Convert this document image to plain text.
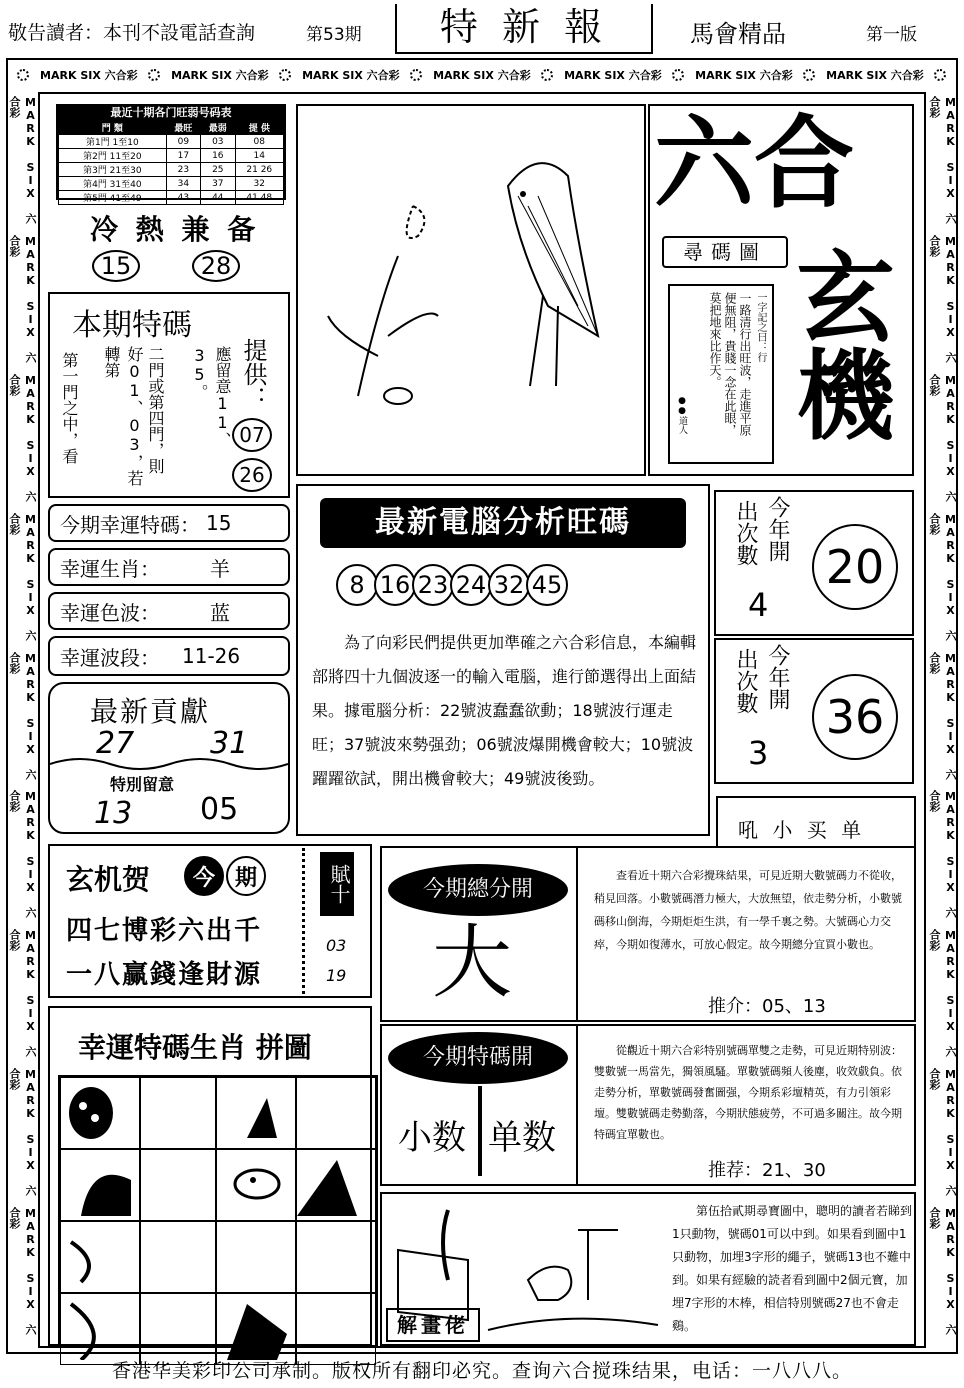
敬告讀者：本刊不設電話查詢	第53期	特 新 報	馬會精品	第一版
MARK SIX 六合彩	MARK SIX 六合彩	MARK SIX 六合彩	MARK SIX 六合彩	MARK SIX 六合彩	MARK SIX 六合彩	MARK SIX 六合彩
MARK SIX 六合彩
MARK SIX 六合彩
MARK SIX 六合彩
MARK SIX 六合彩
MARK SIX 六合彩
MARK SIX 六合彩
MARK SIX 六合彩
MARK SIX 六合彩
MARK SIX 六合彩
MARK SIX 六合彩
MARK SIX 六合彩
MARK SIX 六合彩
MARK SIX 六合彩
MARK SIX 六合彩
MARK SIX 六合彩
MARK SIX 六合彩
MARK SIX 六合彩
MARK SIX 六合彩
最近十期各门旺弱号码表
門 類	最旺	最弱	提 供
第1門 1至10	09	03	08
第2門 11至20	17	16	14
第3門 21至30	23	25	21 26
第4門 31至40	34	37	32
第5門 41至49	43	44	41 48
冷 熱 兼 备
15	28
本期特碼
第一門之中，看	好01、03，若轉第	二門或第四門，則	應留意11、35。	提供：
07
26
今期幸運特碼： 15
幸運生肖：	羊
幸運色波：	蓝
幸運波段： 11-26
最新貢獻
27	31
特別留意
13 05
玄机贺	今 期
四七博彩六出千
一八赢錢逢財源
賦十
03
19
幸運特碼生肖 拼圖
六合
玄機
尋碼圖
一字記之曰：行
一路清行出旺波，走進平原便無阻，貴賤一念在此眼，莫把地來比作天。
●●道人
最新電腦分析旺碼
8 16 23 24 32 45
為了向彩民們提供更加準確之六合彩信息，本編輯部將四十九個波逐一的輸入電腦，進行節選得出上面結果。據電腦分析：22號波蠢蠢欲動；18號波行運走旺；37號波來勢强劲；06號波爆開機會較大；10號波躍躍欲試，開出機會較大；49號波後勁。
出次數 今年開
4
20
出次數 今年開
3
36
吼 小 买 单
今期總分開
大
查看近十期六合彩攪珠結果，可見近期大數號碼力不從收，稍見回落。小數號碼潛力極大，大放無望，依走勢分析，小數號碼移山倒海，今期炬炬生洪，有一學千裏之勢。大號碼心力交瘁，今期如復薄水，可放心假定。故今期總分宜買小數也。
推介：05、13
今期特碼開
小数 单数
從觀近十期六合彩特别號碼單雙之走勢，可見近期特别波：雙數號一馬當先，獨領風騷。單數號碼頻人後塵，收效戲負。依走勢分析，單數號碼發奮圖强，今期系彩壇精英，有力引領彩壇。雙數號碼走勢勤落，今期狀態疲勞，不可過多關注。故今期特碼宜單數也。
推荐：21、30
解畫佬
第伍拾貳期尋寶圖中，聰明的讀者若睇到1只動物，號碼01可以中到。如果看到圖中1只動物，加埋3字形的繩子，號碼13也不難中到。如果有經驗的読者看到圖中2個元寶，加埋7字形的木棒，相信特別號碼27也不會走鷄。
香港华美彩印公司承制。版权所有翻印必究。查询六合搅珠结果，电话：一八八八。
